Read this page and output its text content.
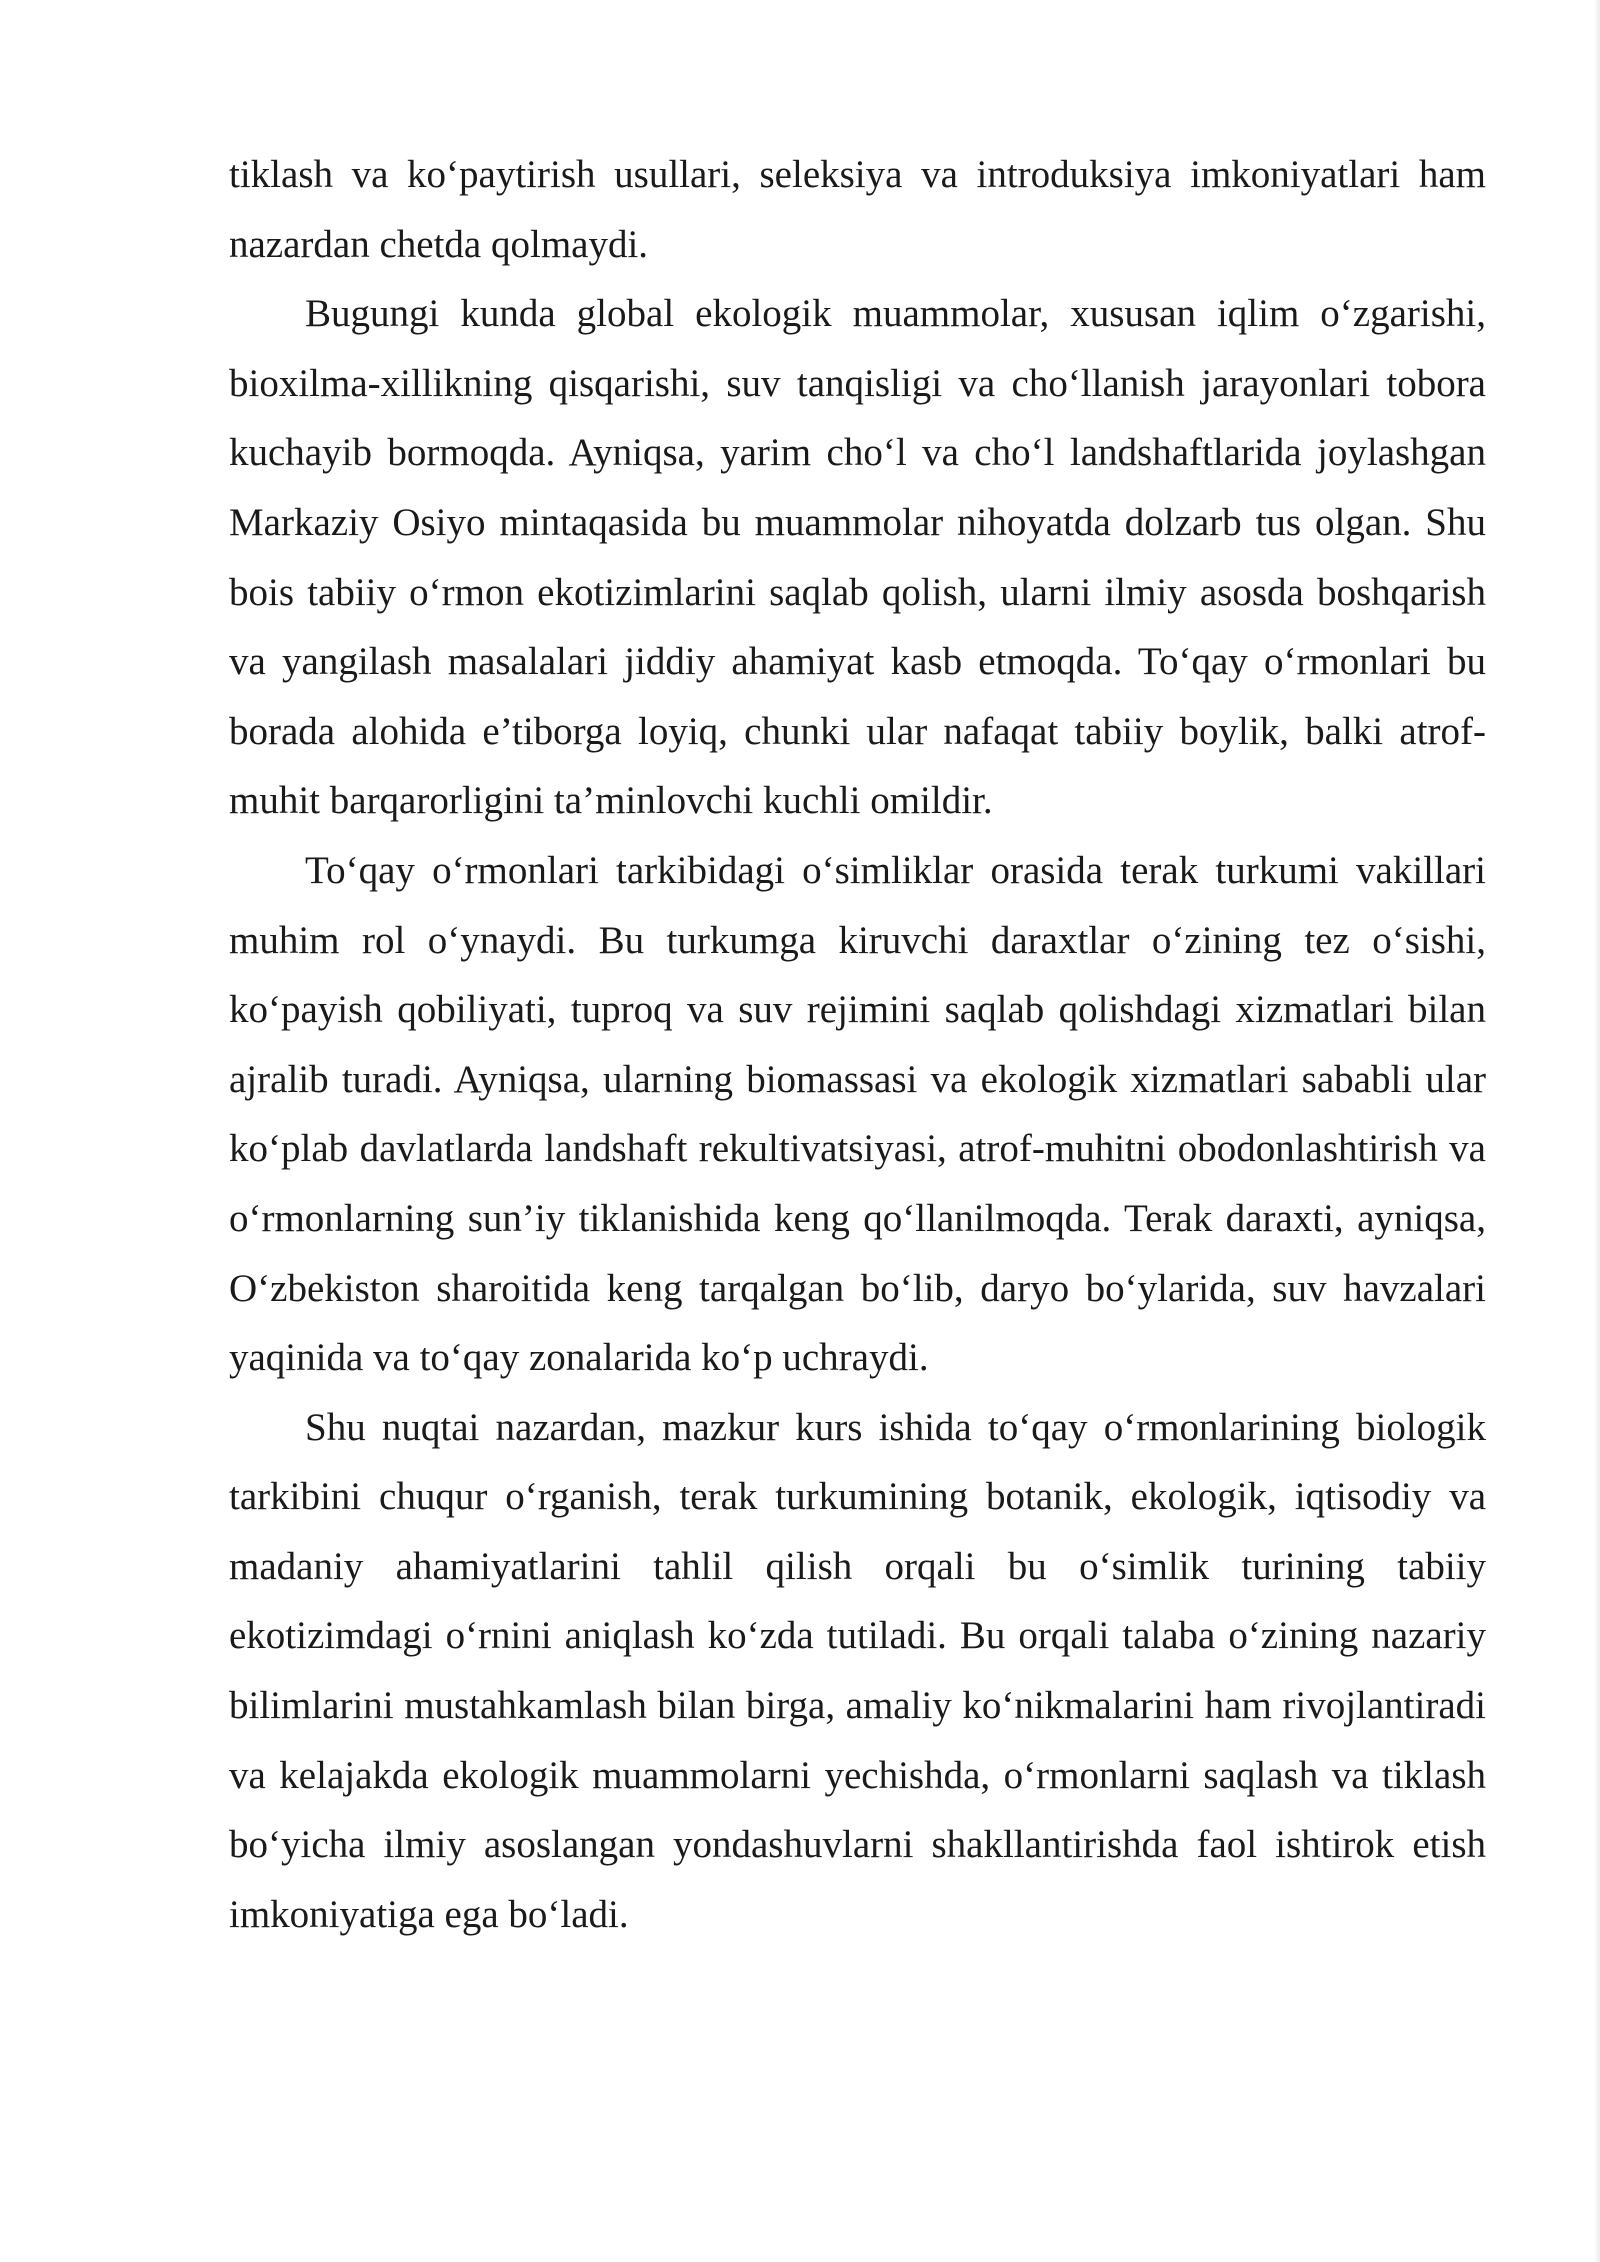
tiklash va koʻpaytirish usullari, seleksiya va introduksiya imkoniyatlari ham nazardan chetda qolmaydi.

Bugungi kunda global ekologik muammolar, xususan iqlim oʻzgarishi, bioxilma-xillikning qisqarishi, suv tanqisligi va choʻllanish jarayonlari tobora kuchayib bormoqda. Ayniqsa, yarim choʻl va choʻl landshaftlarida joylashgan Markaziy Osiyo mintaqasida bu muammolar nihoyatda dolzarb tus olgan. Shu bois tabiiy oʻrmon ekotizimlarini saqlab qolish, ularni ilmiy asosda boshqarish va yangilash masalalari jiddiy ahamiyat kasb etmoqda. Toʻqay oʻrmonlari bu borada alohida e’tiborga loyiq, chunki ular nafaqat tabiiy boylik, balki atrof-muhit barqarorligini ta’minlovchi kuchli omildir.

Toʻqay oʻrmonlari tarkibidagi oʻsimliklar orasida terak turkumi vakillari muhim rol oʻynaydi. Bu turkumga kiruvchi daraxtlar oʻzining tez oʻsishi, koʻpayish qobiliyati, tuproq va suv rejimini saqlab qolishdagi xizmatlari bilan ajralib turadi. Ayniqsa, ularning biomassasi va ekologik xizmatlari sababli ular koʻplab davlatlarda landshaft rekultivatsiyasi, atrof-muhitni obodonlashtirish va oʻrmonlarning sun’iy tiklanishida keng qoʻllanilmoqda. Terak daraxti, ayniqsa, Oʻzbekiston sharoitida keng tarqalgan boʻlib, daryo boʻylarida, suv havzalari yaqinida va toʻqay zonalarida koʻp uchraydi.

Shu nuqtai nazardan, mazkur kurs ishida toʻqay oʻrmonlarining biologik tarkibini chuqur oʻrganish, terak turkumining botanik, ekologik, iqtisodiy va madaniy ahamiyatlarini tahlil qilish orqali bu oʻsimlik turining tabiiy ekotizimdagi oʻrnini aniqlash koʻzda tutiladi. Bu orqali talaba oʻzining nazariy bilimlarini mustahkamlash bilan birga, amaliy koʻnikmalarini ham rivojlantiradi va kelajakda ekologik muammolarni yechishda, oʻrmonlarni saqlash va tiklash boʻyicha ilmiy asoslangan yondashuvlarni shakllantirishda faol ishtirok etish imkoniyatiga ega boʻladi.
